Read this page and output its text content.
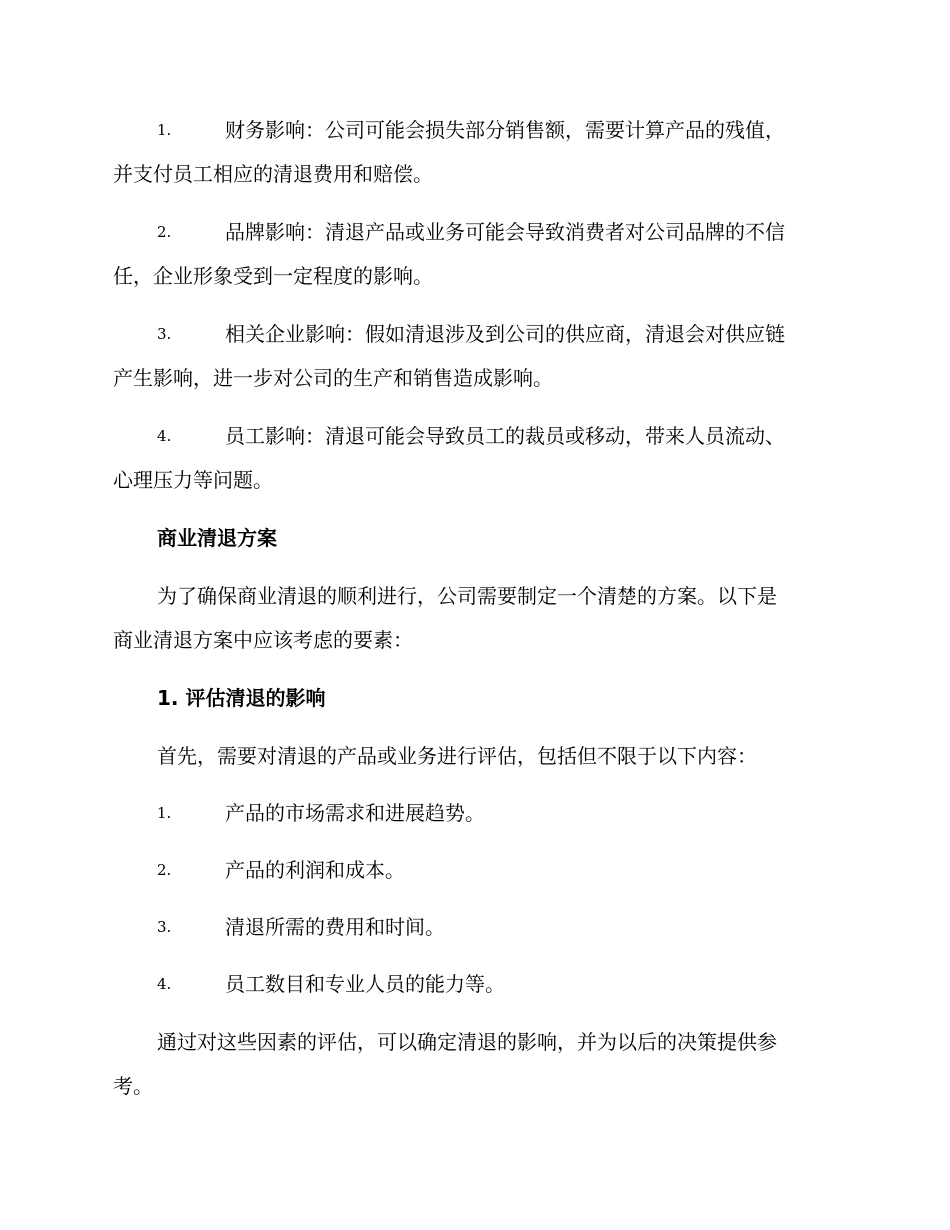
1.	财务影响：公司可能会损失部分销售额，需要计算产品的残值，
并支付员工相应的清退费用和赔偿。
2.	品牌影响：清退产品或业务可能会导致消费者对公司品牌的不信
任，企业形象受到一定程度的影响。
3.	相关企业影响：假如清退涉及到公司的供应商，清退会对供应链
产生影响，进一步对公司的生产和销售造成影响。
4.	员工影响：清退可能会导致员工的裁员或移动，带来人员流动、
心理压力等问题。
商业清退方案
为了确保商业清退的顺利进行，公司需要制定一个清楚的方案。以下是
商业清退方案中应该考虑的要素：
1. 评估清退的影响
首先，需要对清退的产品或业务进行评估，包括但不限于以下内容：
1.	产品的市场需求和进展趋势。
2.	产品的利润和成本。
3.	清退所需的费用和时间。
4.	员工数目和专业人员的能力等。
通过对这些因素的评估，可以确定清退的影响，并为以后的决策提供参
考。
